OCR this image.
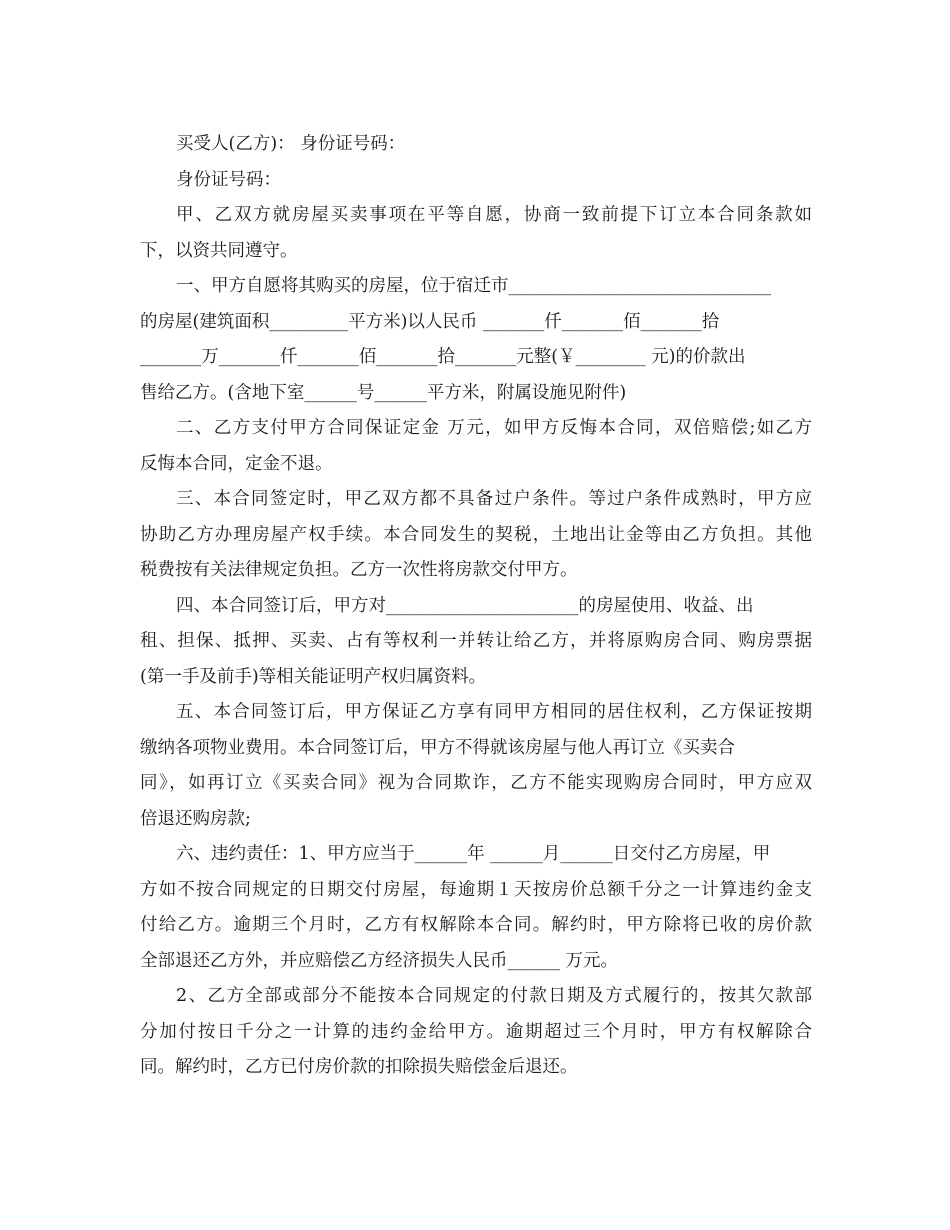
买受人(乙方)： 身份证号码：
身份证号码：
甲、乙双方就房屋买卖事项在平等自愿，协商一致前提下订立本合同条款如
下，以资共同遵守。
一、甲方自愿将其购买的房屋，位于宿迁市______________________________
的房屋(建筑面积_________平方米)以人民币 _______仟_______佰_______拾
_______万_______仟_______佰_______拾_______元整(￥________ 元)的价款出
售给乙方。(含地下室______号______平方米，附属设施见附件)
二、乙方支付甲方合同保证定金 万元，如甲方反悔本合同，双倍赔偿;如乙方
反悔本合同，定金不退。
三、本合同签定时，甲乙双方都不具备过户条件。等过户条件成熟时，甲方应
协助乙方办理房屋产权手续。本合同发生的契税，土地出让金等由乙方负担。其他
税费按有关法律规定负担。乙方一次性将房款交付甲方。
四、本合同签订后，甲方对______________________的房屋使用、收益、出
租、担保、抵押、买卖、占有等权利一并转让给乙方，并将原购房合同、购房票据
(第一手及前手)等相关能证明产权归属资料。
五、本合同签订后，甲方保证乙方享有同甲方相同的居住权利，乙方保证按期
缴纳各项物业费用。本合同签订后，甲方不得就该房屋与他人再订立《买卖合
同》，如再订立《买卖合同》视为合同欺诈，乙方不能实现购房合同时，甲方应双
倍退还购房款;
六、违约责任：1、甲方应当于______年 ______月______日交付乙方房屋，甲
方如不按合同规定的日期交付房屋，每逾期１天按房价总额千分之一计算违约金支
付给乙方。逾期三个月时，乙方有权解除本合同。解约时，甲方除将已收的房价款
全部退还乙方外，并应赔偿乙方经济损失人民币______ 万元。
2、乙方全部或部分不能按本合同规定的付款日期及方式履行的，按其欠款部
分加付按日千分之一计算的违约金给甲方。逾期超过三个月时，甲方有权解除合
同。解约时，乙方已付房价款的扣除损失赔偿金后退还。
